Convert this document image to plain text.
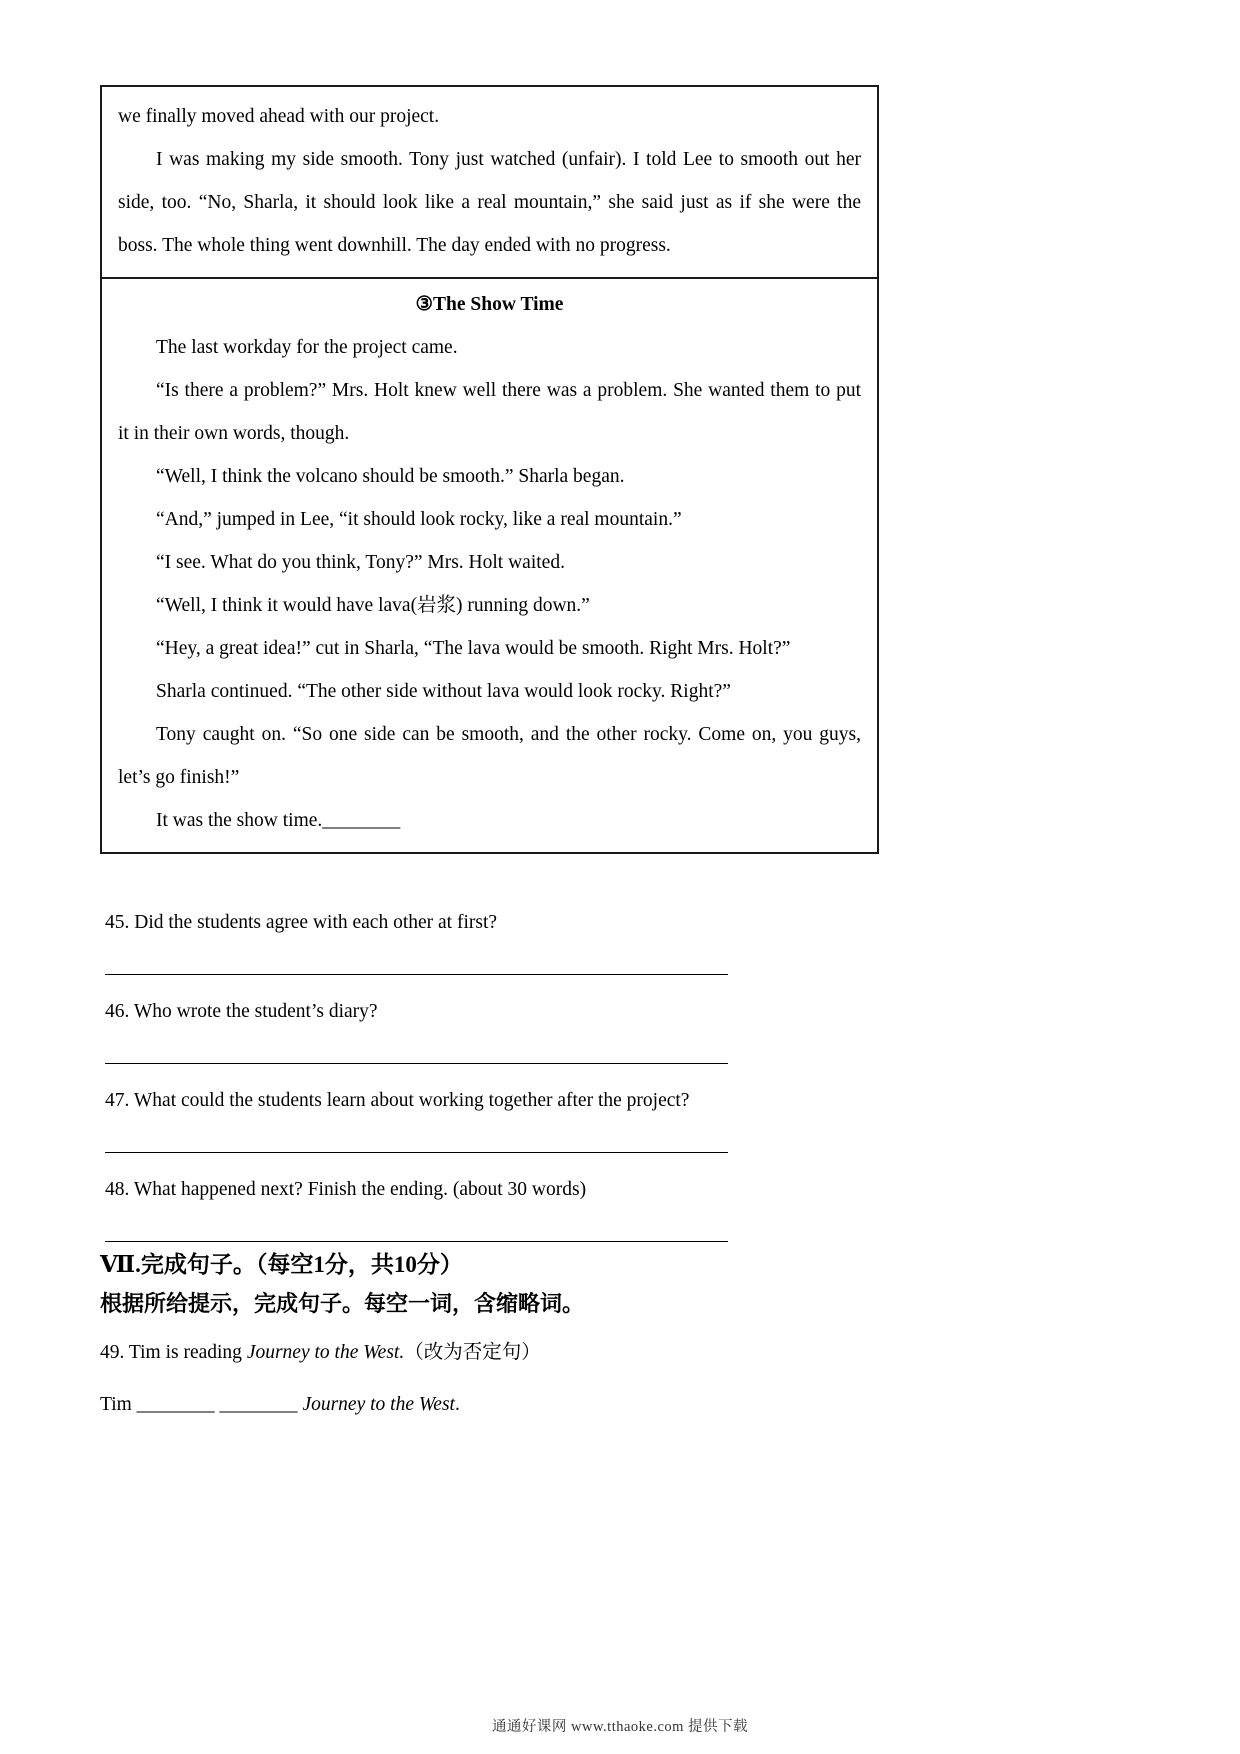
we finally moved ahead with our project.

I was making my side smooth. Tony just watched (unfair). I told Lee to smooth out her side, too. “No, Sharla, it should look like a real mountain,” she said just as if she were the boss. The whole thing went downhill. The day ended with no progress.

③The Show Time

The last workday for the project came.

“Is there a problem?” Mrs. Holt knew well there was a problem. She wanted them to put it in their own words, though.

“Well, I think the volcano should be smooth.” Sharla began.

“And,” jumped in Lee, “it should look rocky, like a real mountain.”

“I see. What do you think, Tony?” Mrs. Holt waited.

“Well, I think it would have lava(岩浆) running down.”

“Hey, a great idea!” cut in Sharla, “The lava would be smooth. Right Mrs. Holt?”

Sharla continued. “The other side without lava would look rocky. Right?”

Tony caught on. “So one side can be smooth, and the other rocky. Come on, you guys, let’s go finish!”

It was the show time.________

45. Did the students agree with each other at first?

46. Who wrote the student’s diary?

47. What could the students learn about working together after the project?

48. What happened next? Finish the ending. (about 30 words)

Ⅶ.完成句子。（每空1分，共10分）

根据所给提示，完成句子。每空一词，含缩略词。

49. Tim is reading Journey to the West.（改为否定句）

Tim ________ ________ Journey to the West.

通通好课网 www.tthaoke.com 提供下载
